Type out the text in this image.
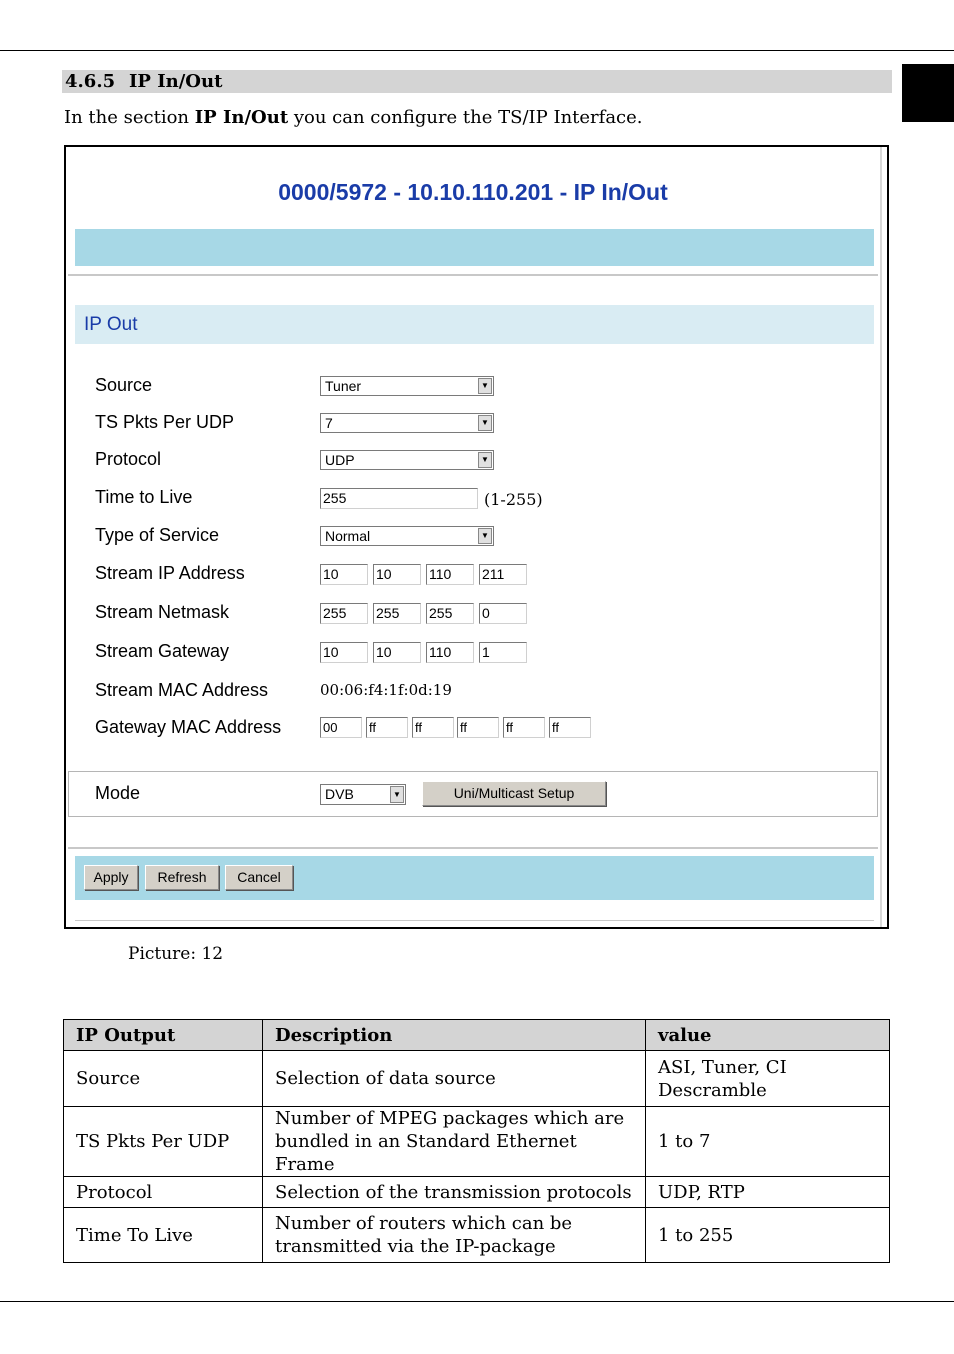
4.6.5 IP In/Out
In the section IP In/Out you can configure the TS/IP Interface.
0000/5972 - 10.10.110.201 - IP In/Out
IP Out
Source	Tuner	▼
TS Pkts Per UDP	7	▼
Protocol	UDP	▼
Time to Live	255	(1-255)
Type of Service	Normal	▼
Stream IP Address	10	10	110	211
Stream Netmask	255	255	255	0
Stream Gateway	10	10	110	1
Stream MAC Address	00:06:f4:1f:0d:19
Gateway MAC Address	00	ff	ff	ff	ff	ff
Mode	DVB	▼	Uni/Multicast Setup
Apply	Refresh	Cancel
Picture: 12
IP Output	Description	value
Source	Selection of data source	ASI, Tuner, CI
Descramble

TS Pkts Per UDP	Number of MPEG packages which are
bundled in an Standard Ethernet Frame	1 to 7

Protocol	Selection of the transmission protocols	UDP, RTP

Time To Live	Number of routers which can be
transmitted via the IP-package	1 to 255
